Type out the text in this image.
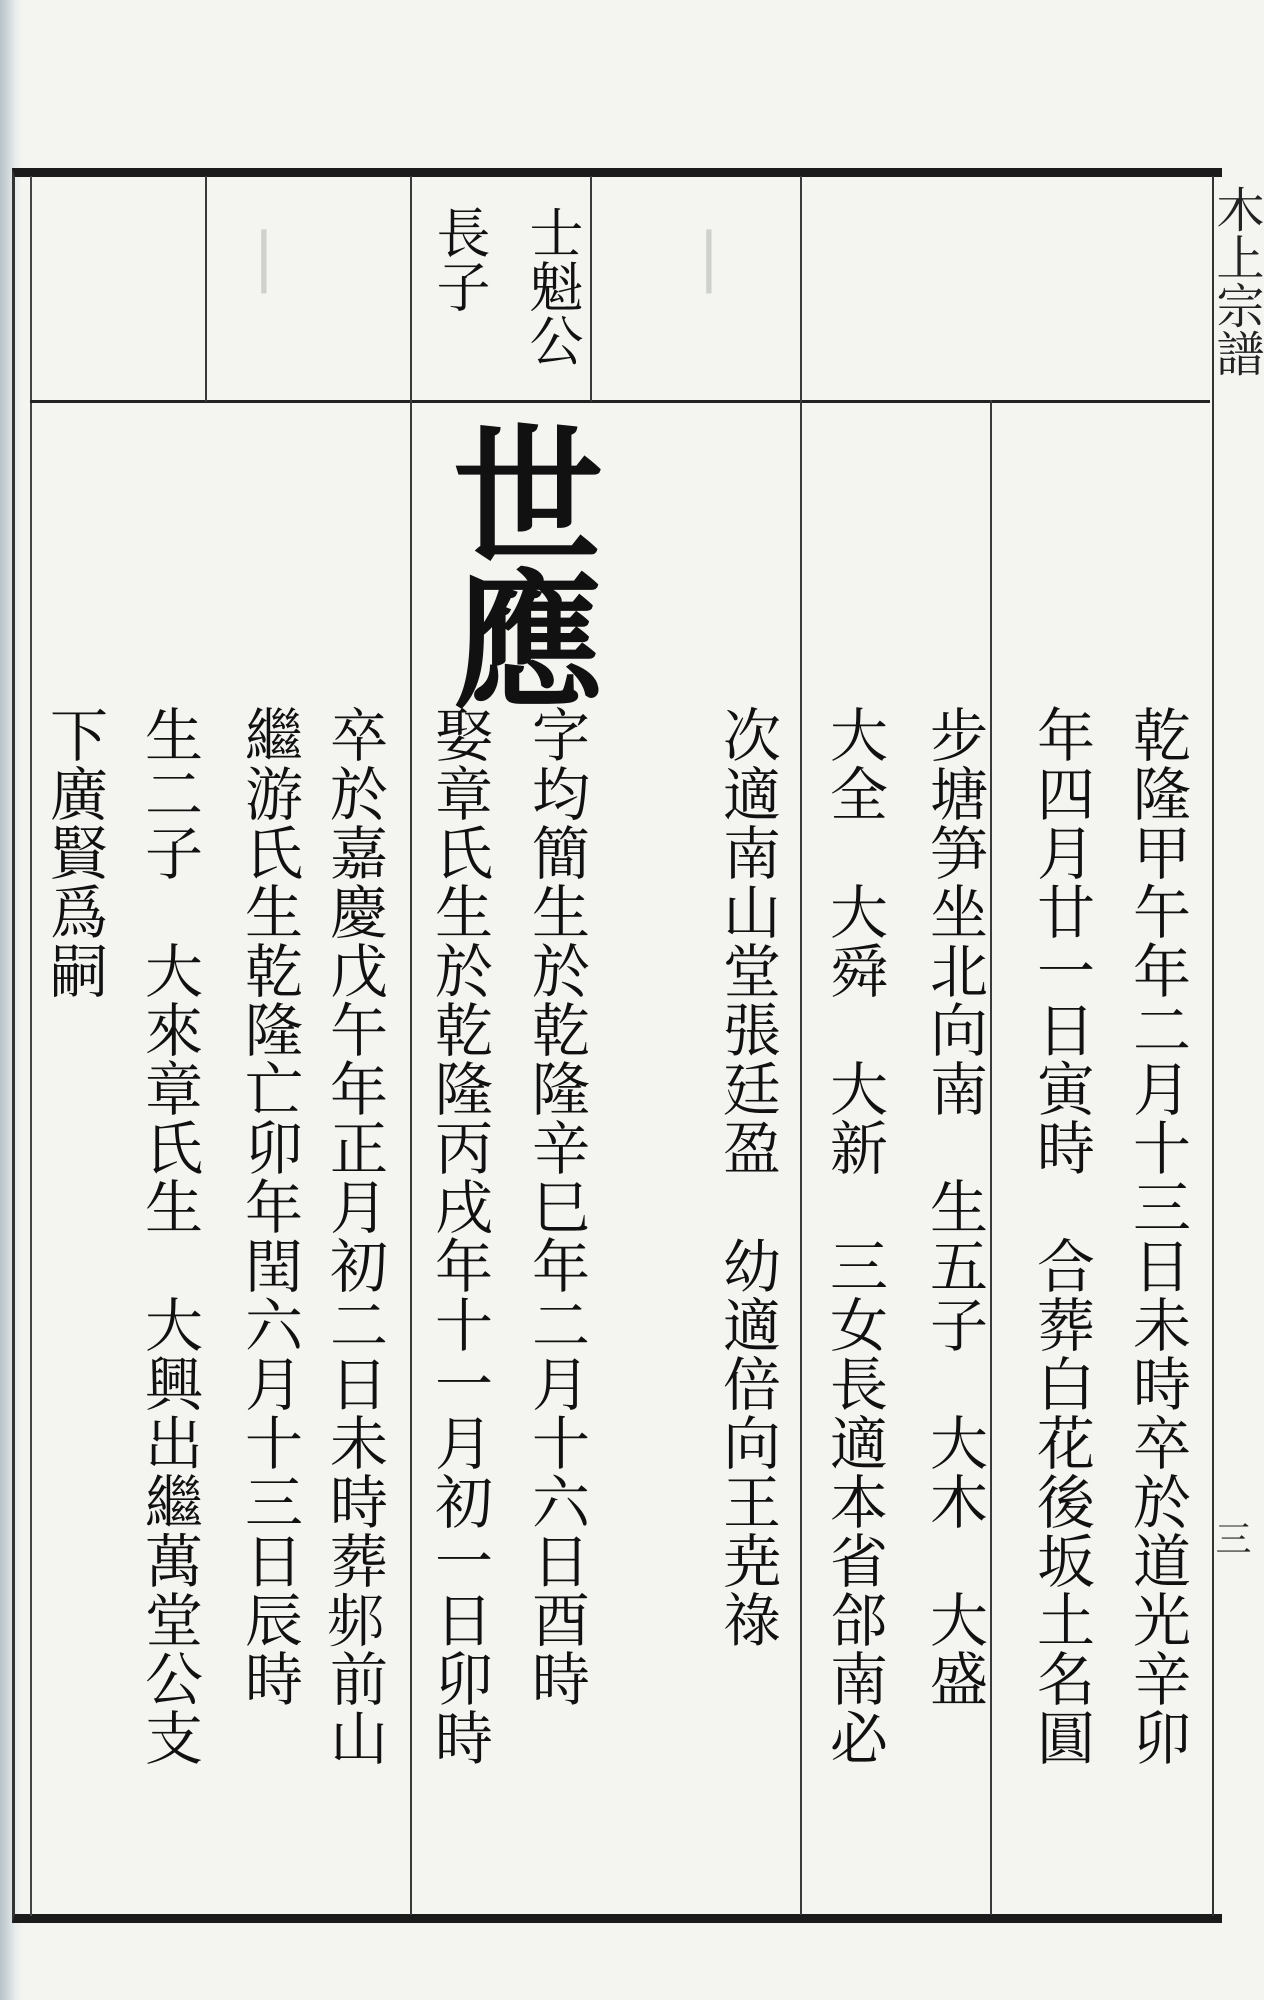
▏	▏
士魁公
長子
世應
乾隆甲午年二月十三日未時卒於道光辛卯
年四月廿一日寅時　合葬白花後坂土名圓
步塘笋坐北向南　生五子　大木　大盛
大全　大舜　大新　三女長適本省郃南必
次適南山堂張廷盈　幼適倍向王尭祿
字均簡生於乾隆辛巳年二月十六日酉時
娶章氏生於乾隆丙戌年十一月初一日卯時
卒於嘉慶戊午年正月初二日未時葬𨛒前山
繼游氏生乾隆亡卯年閏六月十三日辰時
生二子　大來章氏生　大興出繼萬堂公支
下廣賢爲嗣
木上宗譜
三
